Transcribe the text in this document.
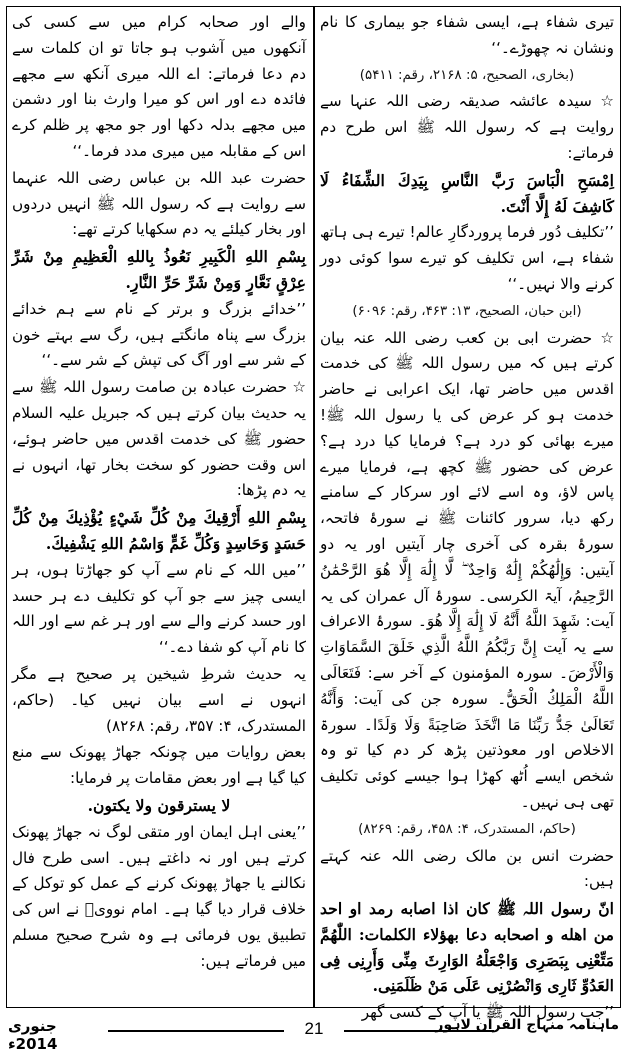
تیری شفاء ہے، ایسی شفاء جو بیماری کا نام ونشان نہ چھوڑے۔‘‘

(بخاری، الصحیح، ۵: ۲۱۶۸، رقم: ۵۴۱۱)

☆ سیدہ عائشہ صدیقہ رضی اللہ عنہا سے روایت ہے کہ رسول اللہ ﷺ اس طرح دم فرماتے:

اِمْسَحِ الْبَاسَ رَبَّ النَّاسِ بِيَدِكَ الشِّفَاءُ لَا كَاشِفَ لَهُ إِلَّا أَنْتَ.

’’تکلیف دُور فرما پروردگارِ عالم! تیرے ہی ہاتھ شفاء ہے، اس تکلیف کو تیرے سوا کوئی دور کرنے والا نہیں۔‘‘

(ابن حبان، الصحیح، ۱۳: ۴۶۳، رقم: ۶۰۹۶)

☆ حضرت ابی بن کعب رضی اللہ عنہ بیان کرتے ہیں کہ میں رسول اللہ ﷺ کی خدمت اقدس میں حاضر تھا، ایک اعرابی نے حاضر خدمت ہو کر عرض کی یا رسول اللہ ﷺ! میرے بھائی کو درد ہے؟ فرمایا کیا درد ہے؟ عرض کی حضور ﷺ کچھ ہے، فرمایا میرے پاس لاؤ، وہ اسے لائے اور سرکار کے سامنے رکھ دیا، سرور کائنات ﷺ نے سورۂ فاتحہ، سورۂ بقرہ کی آخری چار آیتیں اور یہ دو آیتیں: وَإِلَٰهُكُمْ إِلَٰهٌ وَاحِدٌ ۖ لَّا إِلَٰهَ إِلَّا هُوَ الرَّحْمَٰنُ الرَّحِيمُ، آیۃ الکرسی۔ سورۂ آل عمران کی یہ آیت: شَهِدَ اللَّهُ أَنَّهُ لَا إِلَٰهَ إِلَّا هُوَ۔ سورۂ الاعراف سے یہ آیت إِنَّ رَبَّكُمُ اللَّهُ الَّذِي خَلَقَ السَّمَاوَاتِ وَالْأَرْضَ۔ سورہ المؤمنون کے آخر سے: فَتَعَالَى اللَّهُ الْمَلِكُ الْحَقُّ۔ سورہ جن کی آیت: وَأَنَّهُ تَعَالَىٰ جَدُّ رَبِّنَا مَا اتَّخَذَ صَاحِبَةً وَلَا وَلَدًا۔ سورۃ الاخلاص اور معوذتین پڑھ کر دم کیا تو وہ شخص ایسے اُٹھ کھڑا ہوا جیسے کوئی تکلیف تھی ہی نہیں۔

(حاکم، المستدرک، ۴: ۴۵۸، رقم: ۸۲۶۹)

حضرت انس بن مالک رضی اللہ عنہ کہتے ہیں:

انّ رسول اللہ ﷺ کان اذا اصابه رمد او احد من اهله و اصحابه دعا بهؤلاء الکلمات: اللّٰهُمَّ مَتِّعْنِی بِبَصَرِی وَاجْعَلْهُ الوَارِثَ مِنِّی وَأَرِنِی فِی العَدُوِّ ثَارِی وَانْصُرْنِی عَلَى مَنْ ظَلَمَنِی.

’’جب رسول اللہ ﷺ یا آپ کے کسی گھر

والے اور صحابہ کرام میں سے کسی کی آنکھوں میں آشوب ہو جاتا تو ان کلمات سے دم دعا فرماتے: اے اللہ میری آنکھ سے مجھے فائدہ دے اور اس کو میرا وارث بنا اور دشمن میں مجھے بدلہ دکھا اور جو مجھ پر ظلم کرے اس کے مقابلہ میں میری مدد فرما۔‘‘

حضرت عبد اللہ بن عباس رضی اللہ عنہما سے روایت ہے کہ رسول اللہ ﷺ انہیں دردوں اور بخار کیلئے یہ دم سکھایا کرتے تھے:

بِسْمِ اللهِ الْكَبِيرِ نَعُوذُ بِاللهِ الْعَظِيمِ مِنْ شَرِّ عِرْقٍ نَعَّارٍ وَمِنْ شَرِّ حَرِّ النَّارِ.

’’خدائے بزرگ و برتر کے نام سے ہم خدائے بزرگ سے پناہ مانگتے ہیں، رگ سے بہتے خون کے شر سے اور آگ کی تپش کے شر سے۔‘‘

☆ حضرت عبادہ بن صامت رسول اللہ ﷺ سے یہ حدیث بیان کرتے ہیں کہ جبریل علیہ السلام حضور ﷺ کی خدمت اقدس میں حاضر ہوئے، اس وقت حضور کو سخت بخار تھا، انہوں نے یہ دم پڑھا:

بِسْمِ اللهِ أَرْقِيكَ مِنْ كُلِّ شَيْءٍ يُؤْذِيكَ مِنْ كُلِّ حَسَدٍ وَحَاسِدٍ وَكُلِّ غَمٍّ وَاسْمُ اللهِ يَشْفِيكَ.

’’میں اللہ کے نام سے آپ کو جھاڑتا ہوں، ہر ایسی چیز سے جو آپ کو تکلیف دے ہر حسد اور حسد کرنے والے سے اور ہر غم سے اور اللہ کا نام آپ کو شفا دے۔‘‘

یہ حدیث شرطِ شیخین پر صحیح ہے مگر انہوں نے اسے بیان نہیں کیا۔ (حاکم، المستدرک، ۴: ۳۵۷، رقم: ۸۲۶۸)

بعض روایات میں چونکہ جھاڑ پھونک سے منع کیا گیا ہے اور بعض مقامات پر فرمایا:

لا یسترقون ولا یکتون.

’’یعنی اہل ایمان اور متقی لوگ نہ جھاڑ پھونک کرتے ہیں اور نہ داغتے ہیں۔ اسی طرح فال نکالنے یا جھاڑ پھونک کرنے کے عمل کو توکل کے خلاف قرار دیا گیا ہے۔ امام نوویؒ نے اس کی تطبیق یوں فرمائی ہے وہ شرح صحیح مسلم میں فرماتے ہیں:

جنوری 2014ء
21	ماہنامہ منہاج القرآن لاہور
